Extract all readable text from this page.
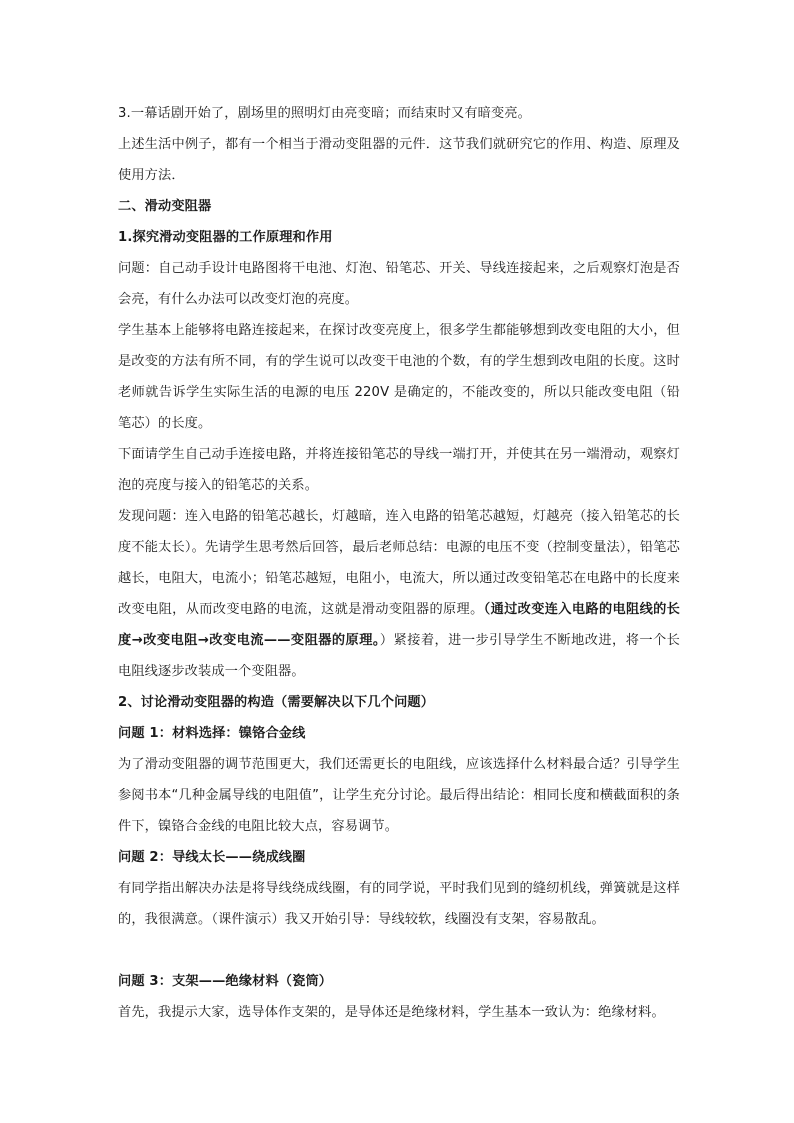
3.一幕话剧开始了，剧场里的照明灯由亮变暗；而结束时又有暗变亮。

上述生活中例子，都有一个相当于滑动变阻器的元件．这节我们就研究它的作用、构造、原理及使用方法．

二、滑动变阻器

1.探究滑动变阻器的工作原理和作用

问题：自己动手设计电路图将干电池、灯泡、铅笔芯、开关、导线连接起来，之后观察灯泡是否会亮，有什么办法可以改变灯泡的亮度。

学生基本上能够将电路连接起来，在探讨改变亮度上，很多学生都能够想到改变电阻的大小，但是改变的方法有所不同，有的学生说可以改变干电池的个数，有的学生想到改电阻的长度。这时老师就告诉学生实际生活的电源的电压 220V 是确定的，不能改变的，所以只能改变电阻（铅笔芯）的长度。

下面请学生自己动手连接电路，并将连接铅笔芯的导线一端打开，并使其在另一端滑动，观察灯泡的亮度与接入的铅笔芯的关系。

发现问题：连入电路的铅笔芯越长，灯越暗，连入电路的铅笔芯越短，灯越亮（接入铅笔芯的长度不能太长）。先请学生思考然后回答，最后老师总结：电源的电压不变（控制变量法），铅笔芯越长，电阻大，电流小；铅笔芯越短，电阻小，电流大，所以通过改变铅笔芯在电路中的长度来改变电阻，从而改变电路的电流，这就是滑动变阻器的原理。（通过改变连入电路的电阻线的长度→改变电阻→改变电流——变阻器的原理。）紧接着，进一步引导学生不断地改进，将一个长电阻线逐步改装成一个变阻器。

2、讨论滑动变阻器的构造（需要解决以下几个问题）

问题 1：材料选择：镍铬合金线

为了滑动变阻器的调节范围更大，我们还需更长的电阻线，应该选择什么材料最合适？引导学生参阅书本“几种金属导线的电阻值”，让学生充分讨论。最后得出结论：相同长度和横截面积的条件下，镍铬合金线的电阻比较大点，容易调节。

问题 2：导线太长——绕成线圈

有同学指出解决办法是将导线绕成线圈，有的同学说，平时我们见到的缝纫机线，弹簧就是这样的，我很满意。（课件演示）我又开始引导：导线较软，线圈没有支架，容易散乱。

问题 3：支架——绝缘材料（瓷筒）

首先，我提示大家，选导体作支架的，是导体还是绝缘材料，学生基本一致认为：绝缘材料。
